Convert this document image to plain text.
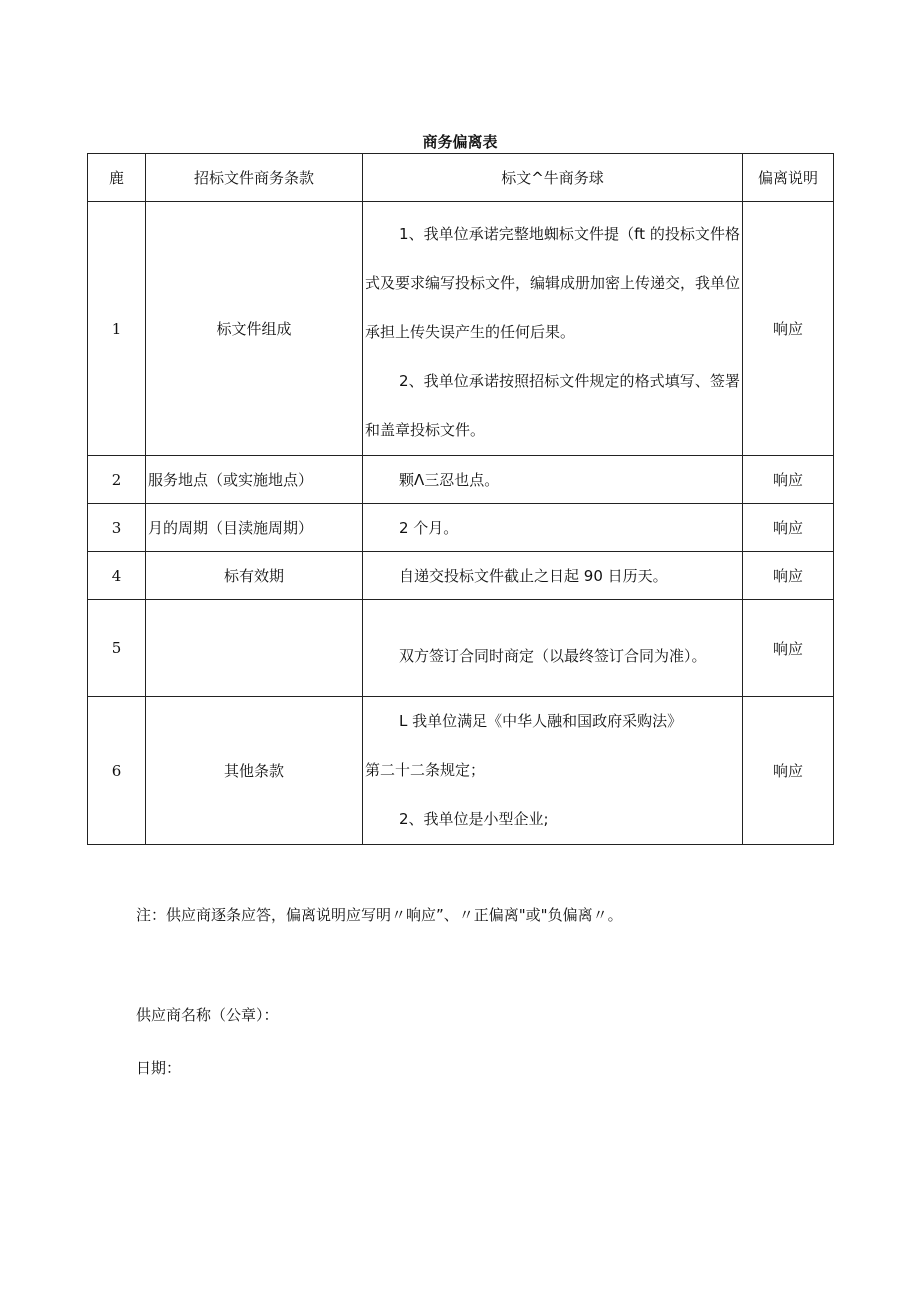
商务偏离表
鹿	招标文件商务条款	标文^牛商务球	偏离说明
1	标文件组成	1、我单位承诺完整地蜘标文件提（ft 的投标文件格式及要求编写投标文件，编辑成册加密上传递交，我单位承担上传失误产生的任何后果。
2、我单位承诺按照招标文件规定的格式填写、签署和盖章投标文件。	响应
2	服务地点（或实施地点）	颗Λ三忍也点。	响应
3	月的周期（目渎施周期）	2 个月。	响应
4	标有效期	自递交投标文件截止之日起 90 日历天。	响应
5		双方签订合同时商定（以最终签订合同为准）。	响应
6	其他条款	L 我单位满足《中华人融和国政府采购法》
第二十二条规定；
2、我单位是小型企业;	响应
注：供应商逐条应答，偏离说明应写明〃响应”、〃正偏离"或"负偏离〃。
供应商名称（公章）：
日期：
